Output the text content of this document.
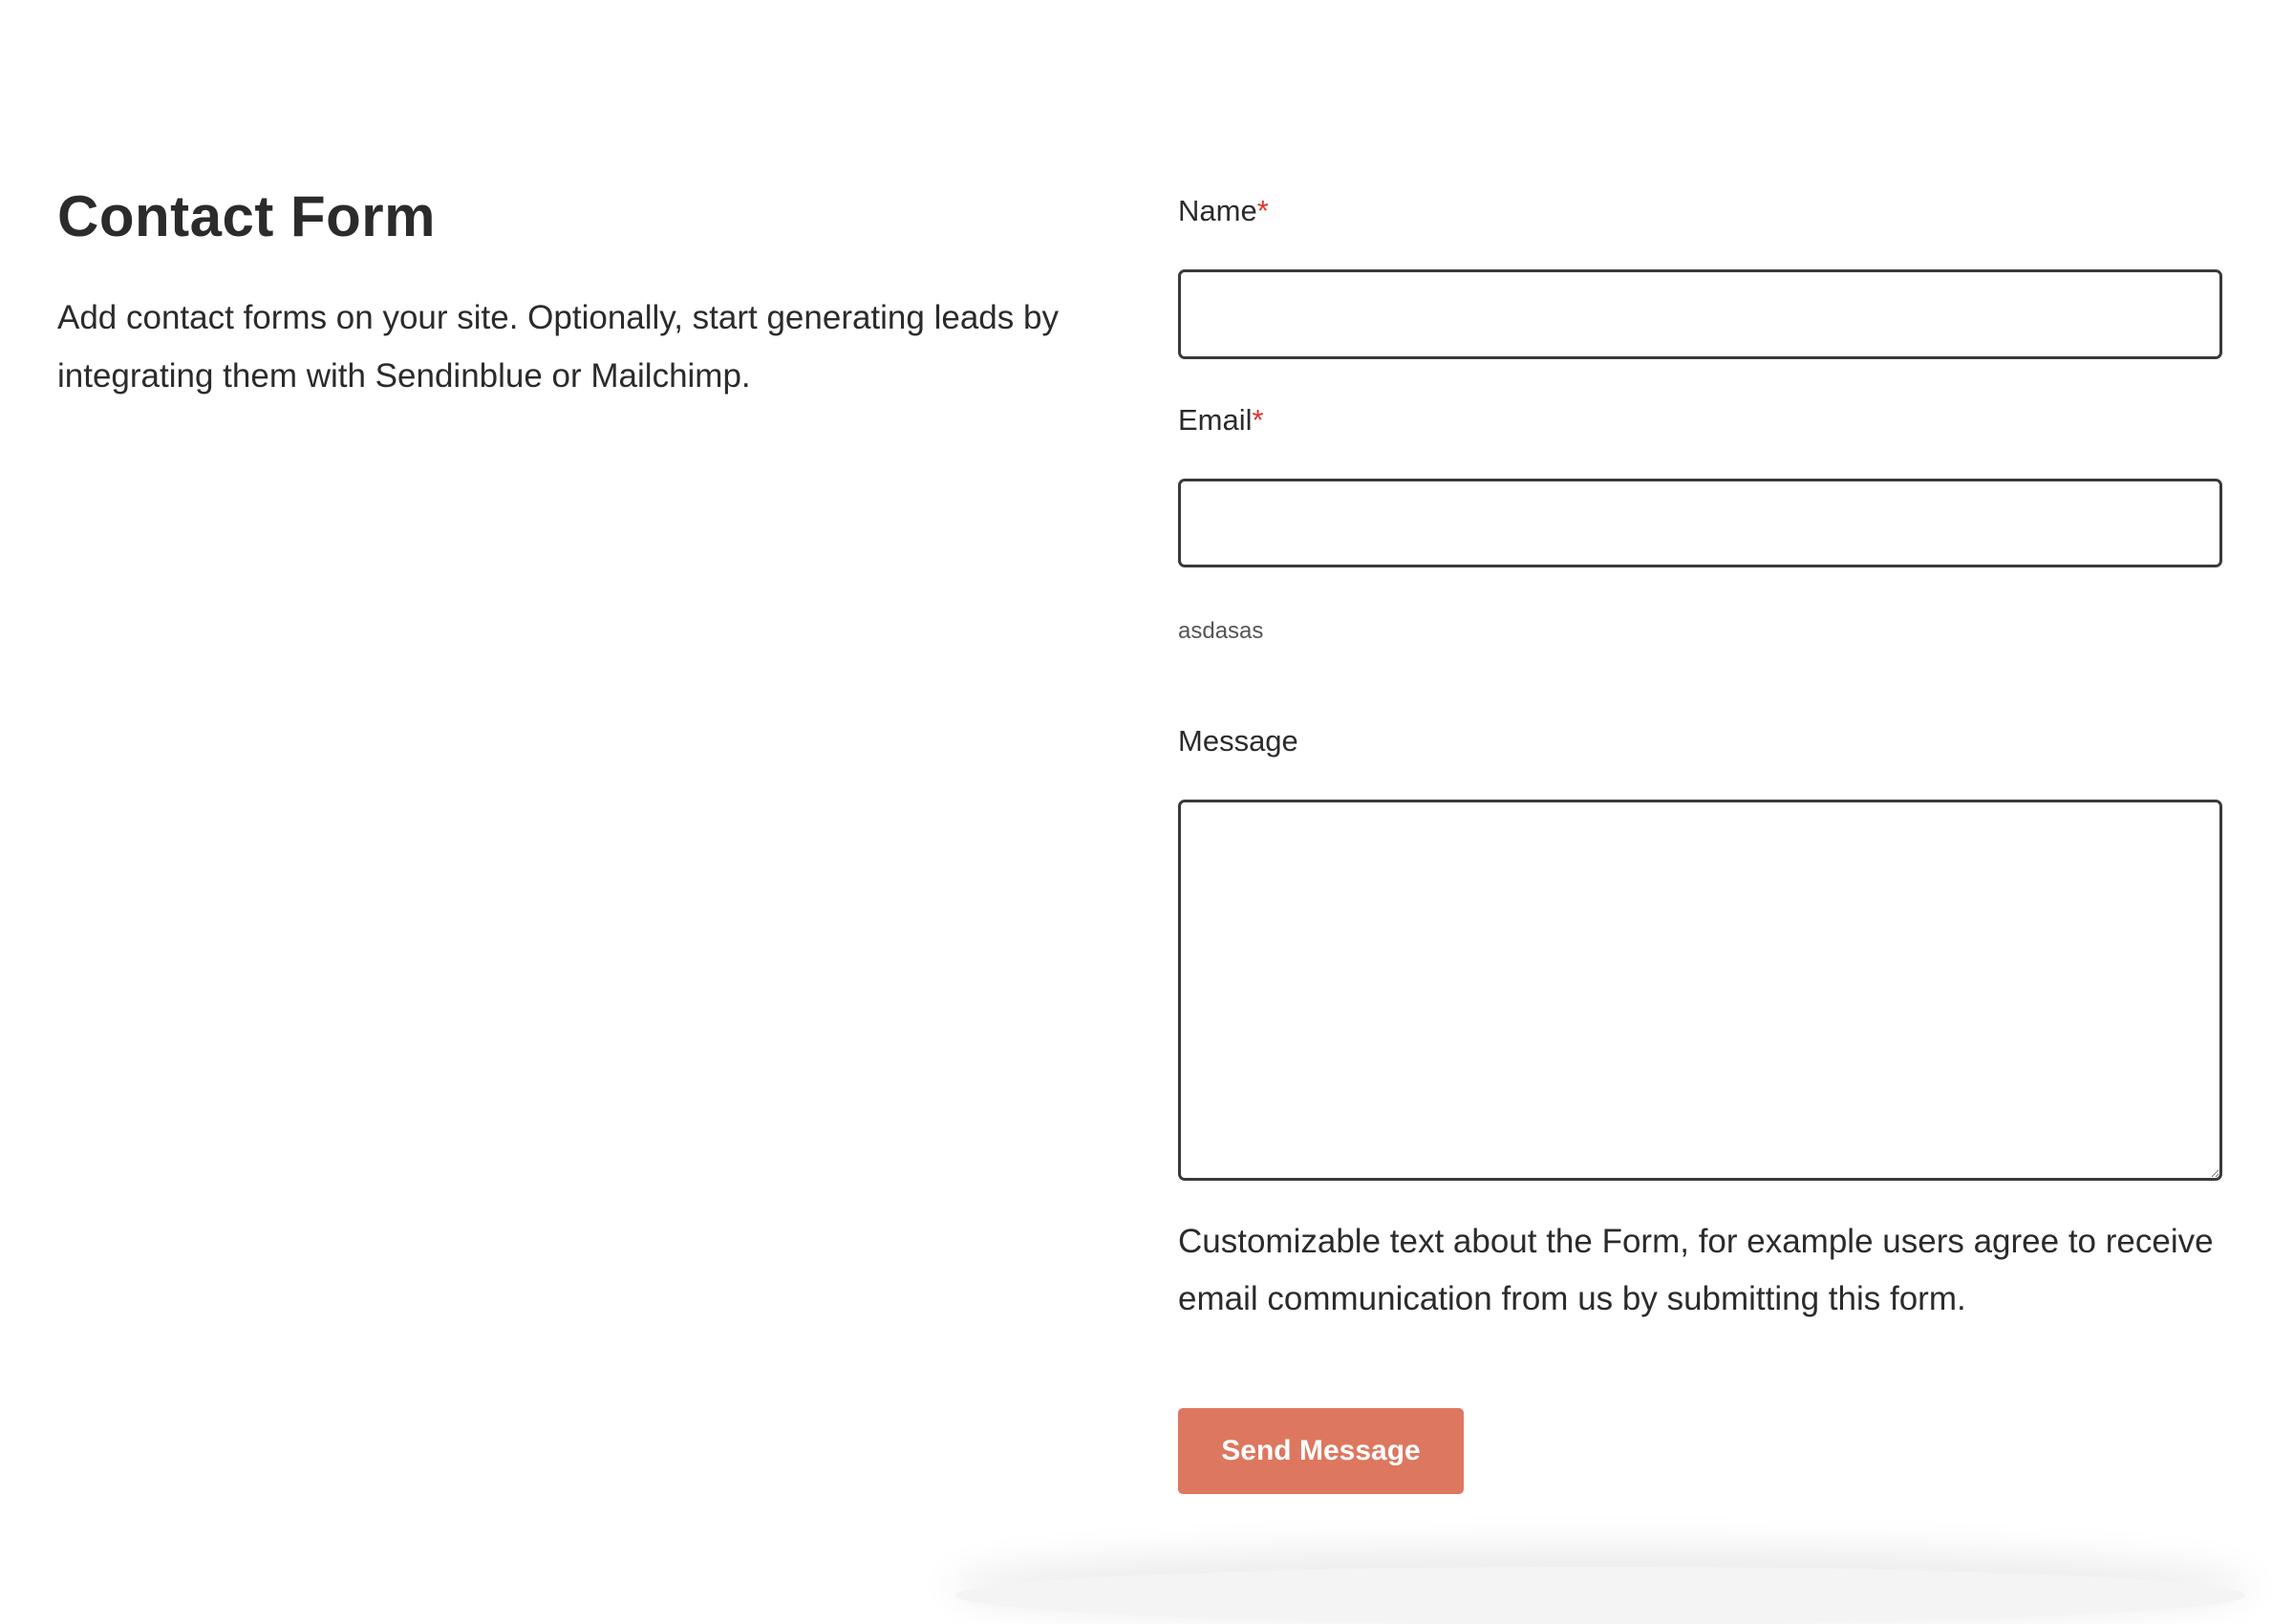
Contact Form
Add contact forms on your site. Optionally, start generating leads by integrating them with Sendinblue or Mailchimp.
Name*
Email*
asdasas
Message
Customizable text about the Form, for example users agree to receive email communication from us by submitting this form.
Send Message
